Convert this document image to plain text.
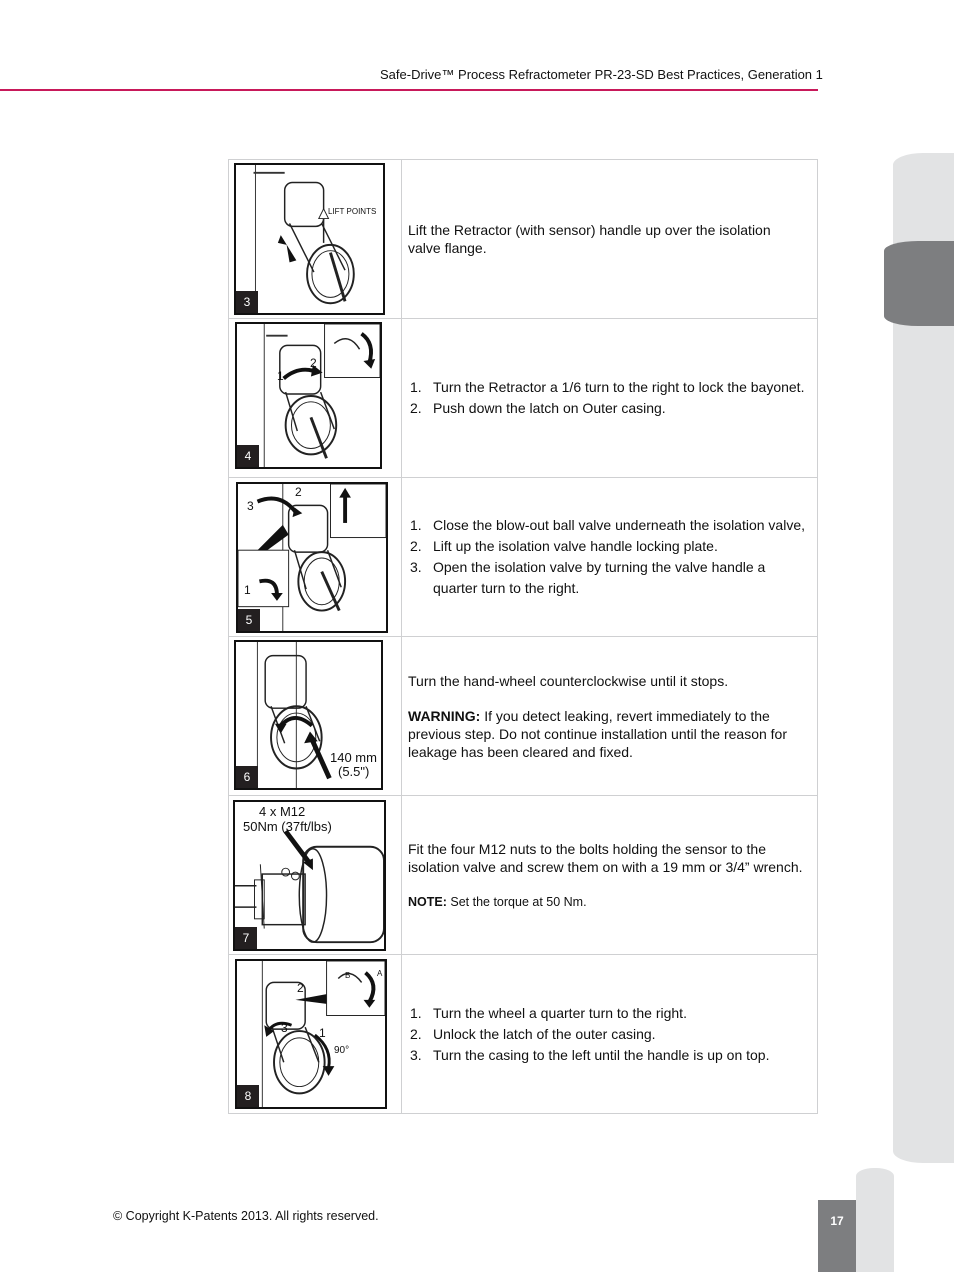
Safe-Drive™ Process Refractometer PR-23-SD Best Practices, Generation 1
17
LIFT POINTS
3

Lift the Retractor (with sensor) handle up over the isolation valve flange.

1
2
4
1. Turn the Retractor a 1/6 turn to the right to lock the bayonet.
2. Push down the latch on Outer casing.
2
3
1
5
1. Close the blow-out ball valve underneath the isolation valve,
2. Lift up the isolation valve handle locking plate.
3. Open the isolation valve by turning the valve handle a quarter turn to the right.
140 mm
(5.5")
6

Turn the hand-wheel counterclockwise until it stops.

WARNING: If you detect leaking, revert immediately to the previous step. Do not continue installation until the reason for leakage has been cleared and fixed.

4 x M12
50Nm (37ft/lbs)
7

Fit the four M12 nuts to the bolts holding the sensor to the isolation valve and screw them on with a 19 mm or 3/4” wrench.

NOTE: Set the torque at 50 Nm.

2
3	1
90°
A
B
8
1. Turn the wheel a quarter turn to the right.
2. Unlock the latch of the outer casing.
3. Turn the casing to the left until the handle is up on top.
© Copyright K-Patents 2013. All rights reserved.
